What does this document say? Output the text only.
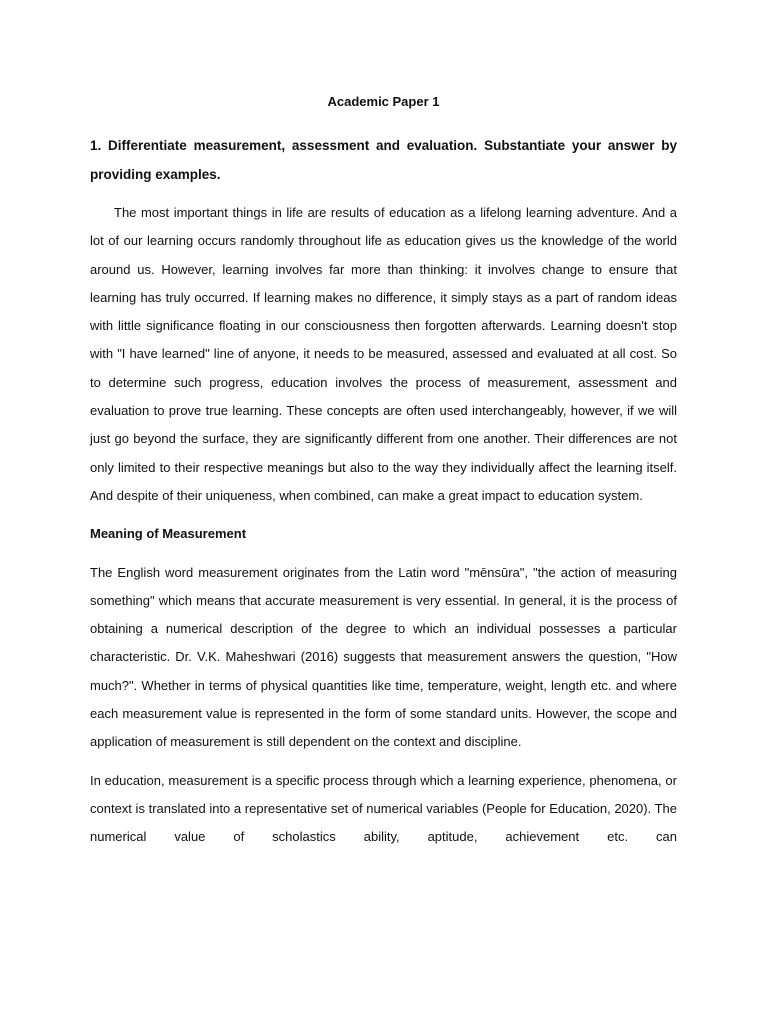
Academic Paper 1

1. Differentiate measurement, assessment and evaluation. Substantiate your answer by providing examples.

The most important things in life are results of education as a lifelong learning adventure. And a lot of our learning occurs randomly throughout life as education gives us the knowledge of the world around us. However, learning involves far more than thinking: it involves change to ensure that learning has truly occurred. If learning makes no difference, it simply stays as a part of random ideas with little significance floating in our consciousness then forgotten afterwards. Learning doesn't stop with "I have learned" line of anyone, it needs to be measured, assessed and evaluated at all cost. So to determine such progress, education involves the process of measurement, assessment and evaluation to prove true learning. These concepts are often used interchangeably, however, if we will just go beyond the surface, they are significantly different from one another. Their differences are not only limited to their respective meanings but also to the way they individually affect the learning itself. And despite of their uniqueness, when combined, can make a great impact to education system.

Meaning of Measurement

The English word measurement originates from the Latin word "mēnsūra", "the action of measuring something" which means that accurate measurement is very essential. In general, it is the process of obtaining a numerical description of the degree to which an individual possesses a particular characteristic. Dr. V.K. Maheshwari (2016) suggests that measurement answers the question, "How much?". Whether in terms of physical quantities like time, temperature, weight, length etc. and where each measurement value is represented in the form of some standard units. However, the scope and application of measurement is still dependent on the context and discipline.

In education, measurement is a specific process through which a learning experience, phenomena, or context is translated into a representative set of numerical variables (People for Education, 2020). The numerical value of scholastics ability, aptitude, achievement etc. can
